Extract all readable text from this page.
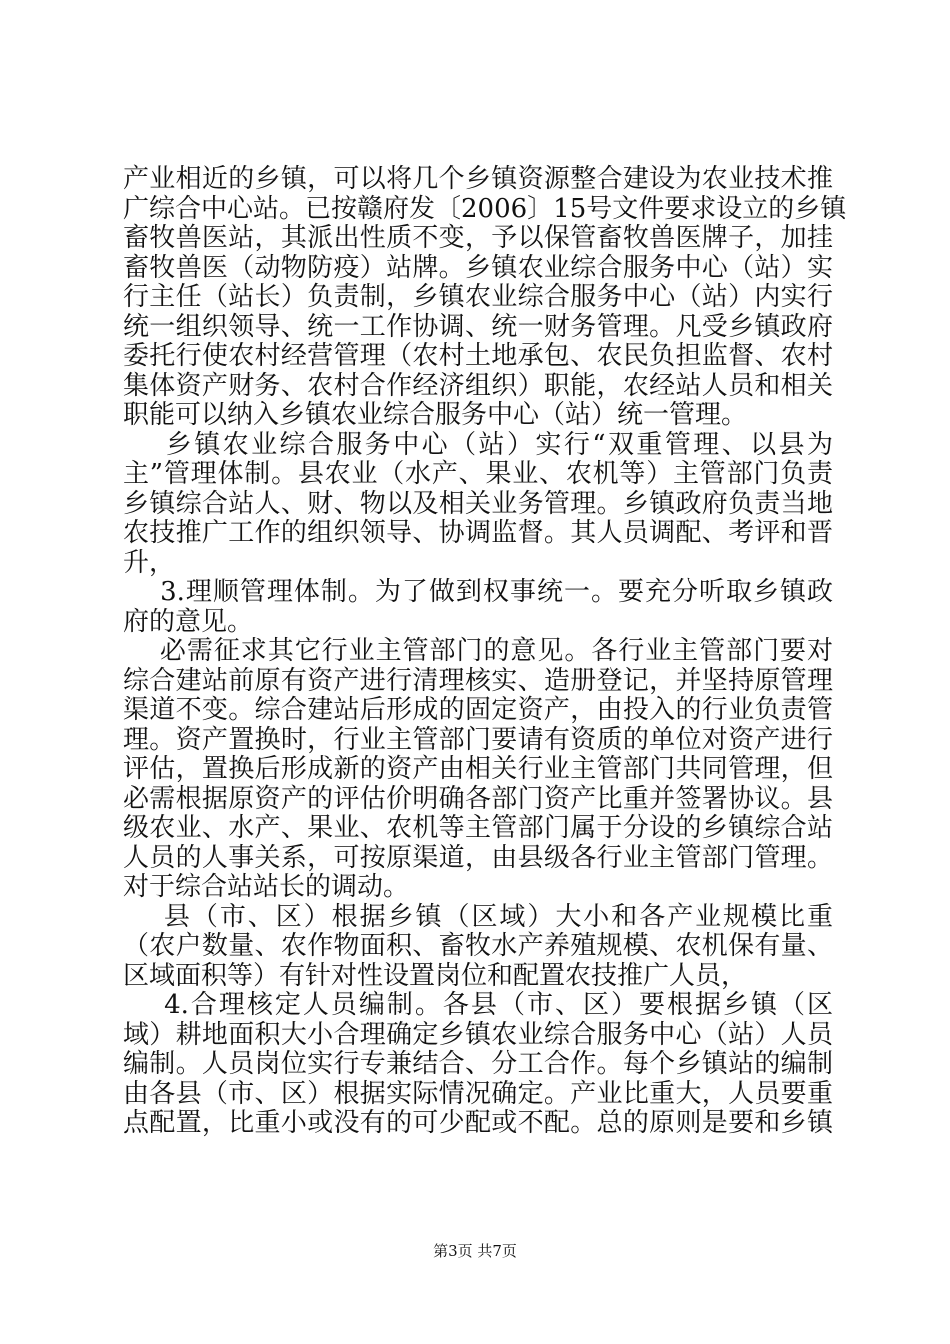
产业相近的乡镇，可以将几个乡镇资源整合建设为农业技术推

广综合中心站。已按赣府发〔2006〕15号文件要求设立的乡镇

畜牧兽医站，其派出性质不变，予以保管畜牧兽医牌子，加挂

畜牧兽医（动物防疫）站牌。乡镇农业综合服务中心（站）实

行主任（站长）负责制，乡镇农业综合服务中心（站）内实行

统一组织领导、统一工作协调、统一财务管理。凡受乡镇政府

委托行使农村经营管理（农村土地承包、农民负担监督、农村

集体资产财务、农村合作经济组织）职能，农经站人员和相关

职能可以纳入乡镇农业综合服务中心（站）统一管理。

乡镇农业综合服务中心（站）实行“双重管理、以县为

主”管理体制。县农业（水产、果业、农机等）主管部门负责

乡镇综合站人、财、物以及相关业务管理。乡镇政府负责当地

农技推广工作的组织领导、协调监督。其人员调配、考评和晋

升，

3.理顺管理体制。为了做到权事统一。要充分听取乡镇政

府的意见。

必需征求其它行业主管部门的意见。各行业主管部门要对

综合建站前原有资产进行清理核实、造册登记，并坚持原管理

渠道不变。综合建站后形成的固定资产，由投入的行业负责管

理。资产置换时，行业主管部门要请有资质的单位对资产进行

评估，置换后形成新的资产由相关行业主管部门共同管理，但

必需根据原资产的评估价明确各部门资产比重并签署协议。县

级农业、水产、果业、农机等主管部门属于分设的乡镇综合站

人员的人事关系，可按原渠道，由县级各行业主管部门管理。

对于综合站站长的调动。

县（市、区）根据乡镇（区域）大小和各产业规模比重

（农户数量、农作物面积、畜牧水产养殖规模、农机保有量、

区域面积等）有针对性设置岗位和配置农技推广人员，

4.合理核定人员编制。各县（市、区）要根据乡镇（区

域）耕地面积大小合理确定乡镇农业综合服务中心（站）人员

编制。人员岗位实行专兼结合、分工合作。每个乡镇站的编制

由各县（市、区）根据实际情况确定。产业比重大，人员要重

点配置，比重小或没有的可少配或不配。总的原则是要和乡镇

第3页 共7页
